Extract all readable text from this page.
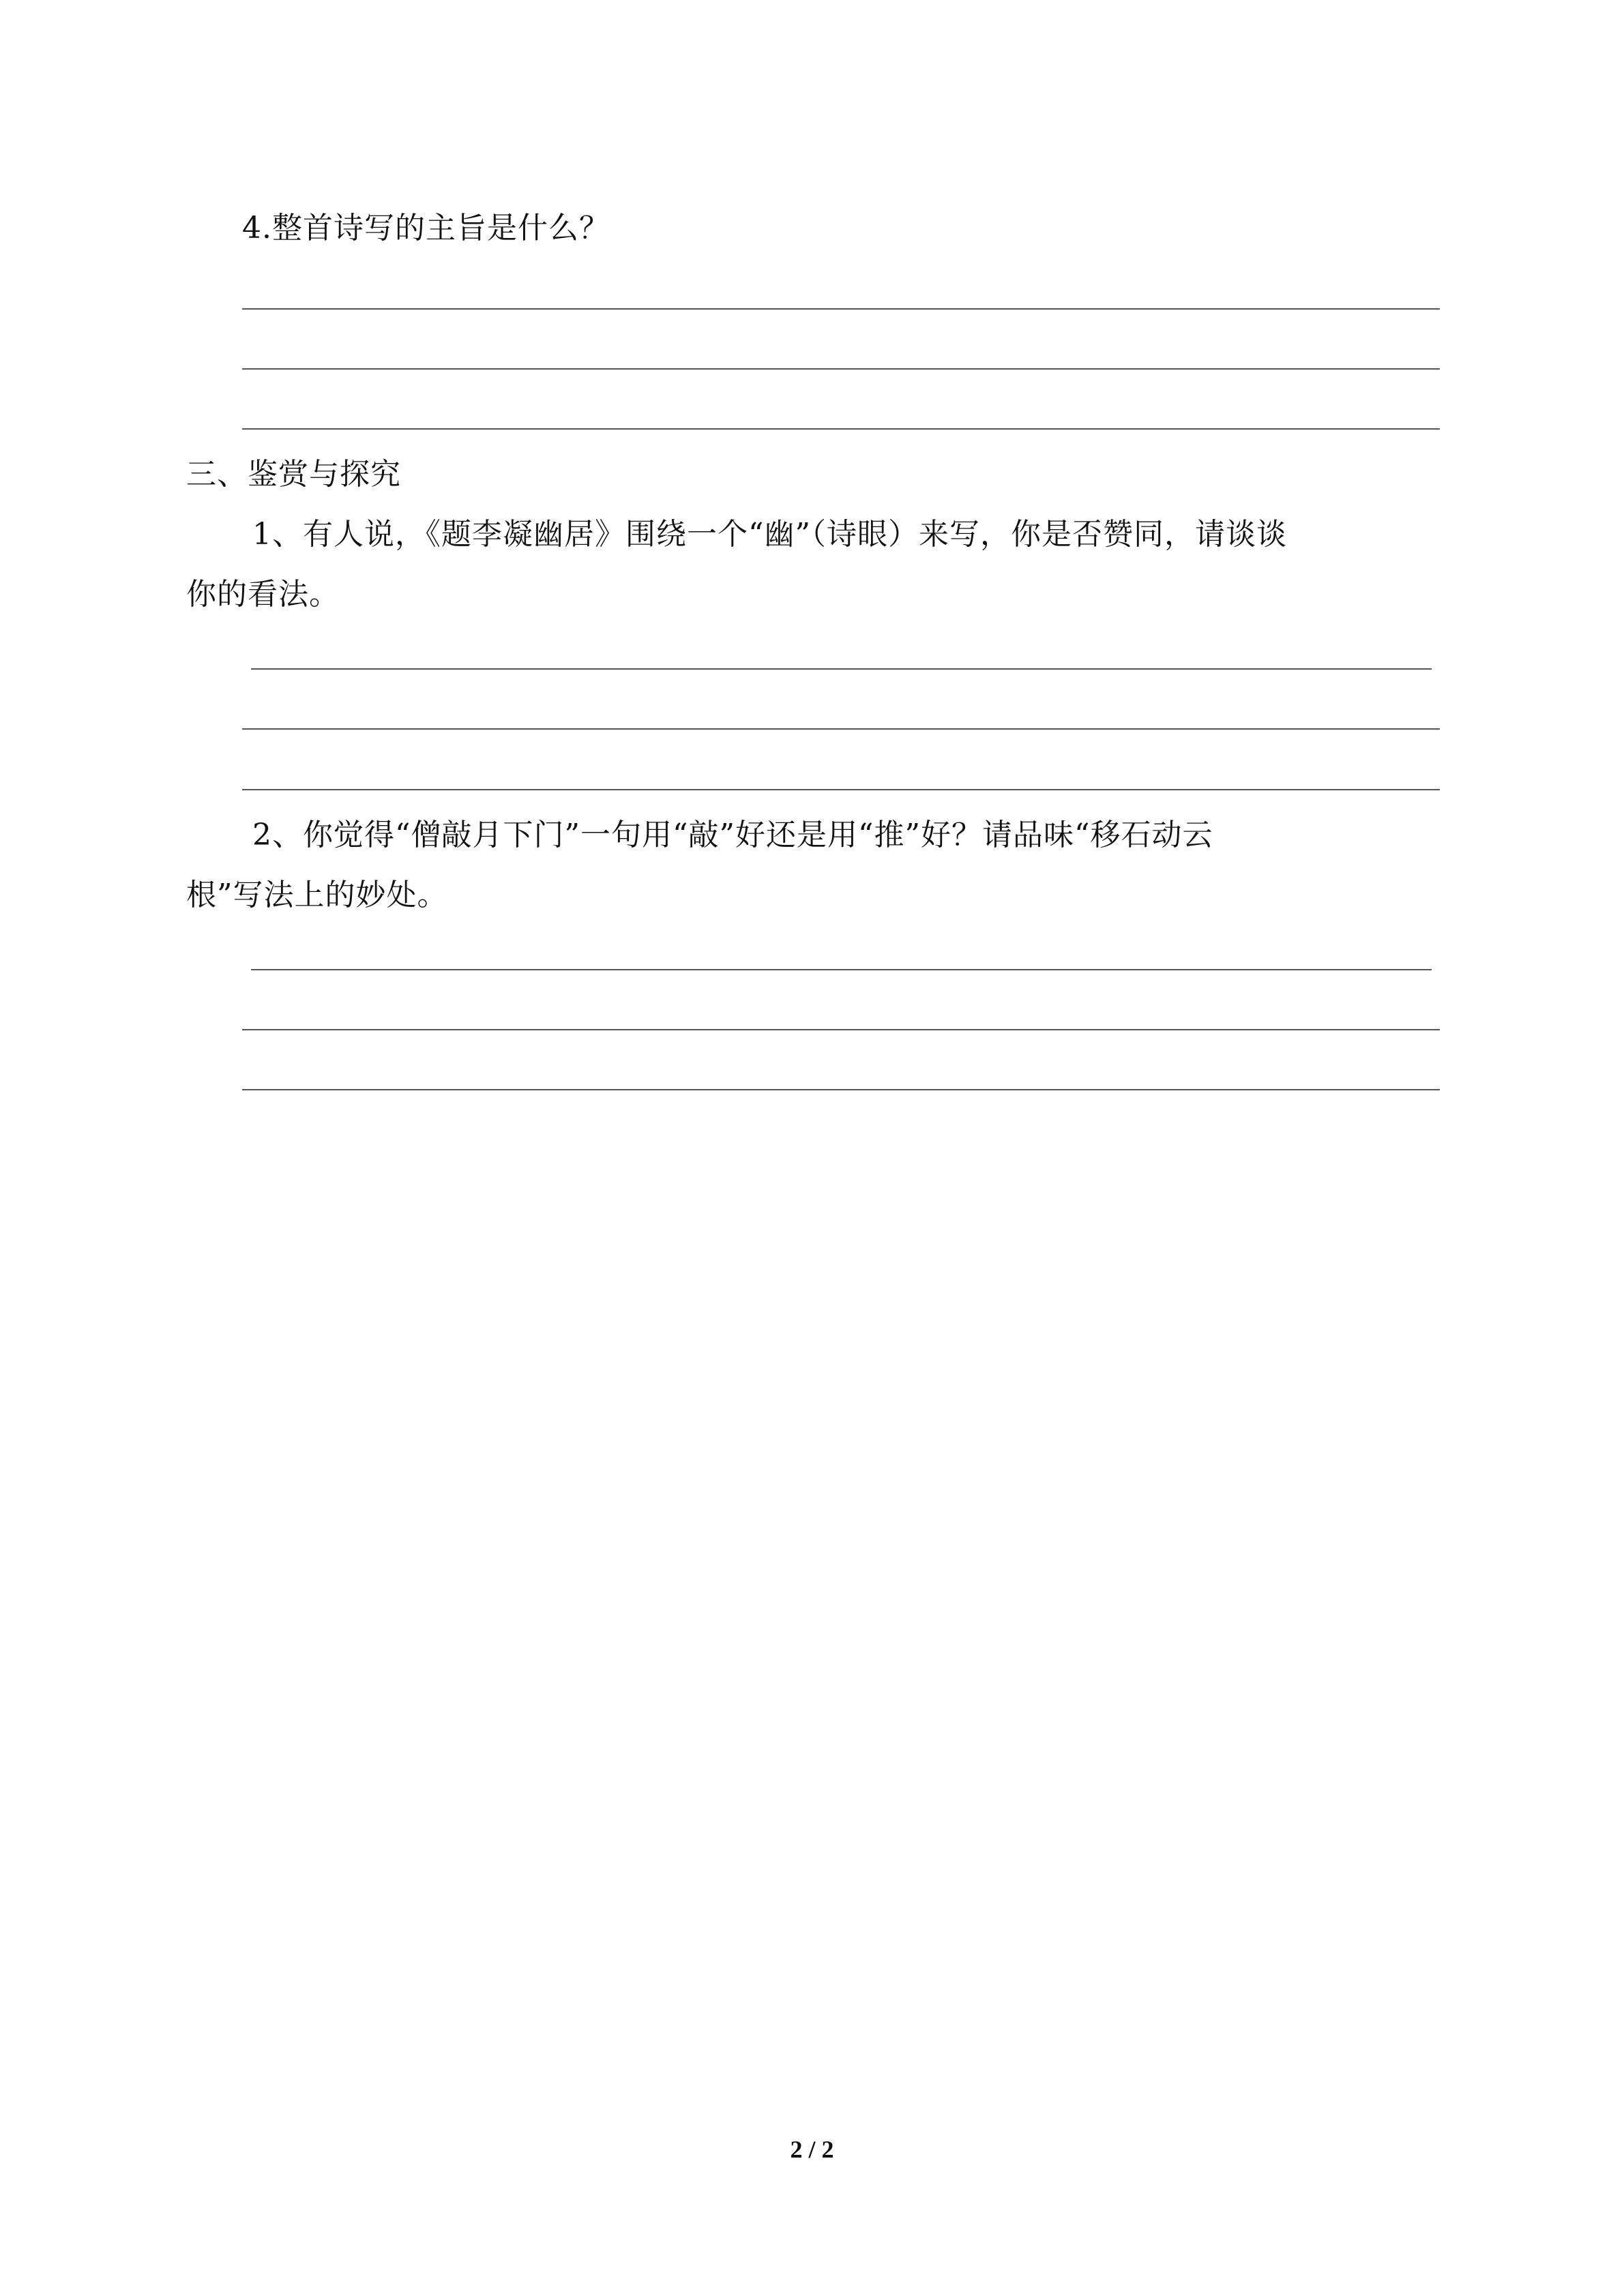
4.整首诗写的主旨是什么？
三、鉴赏与探究
1、有人说，《题李凝幽居》围绕一个“幽”（诗眼）来写，你是否赞同，请谈谈
你的看法。
2、你觉得“僧敲月下门”一句用“敲”好还是用“推”好？请品味“移石动云
根”写法上的妙处。
2 / 2
